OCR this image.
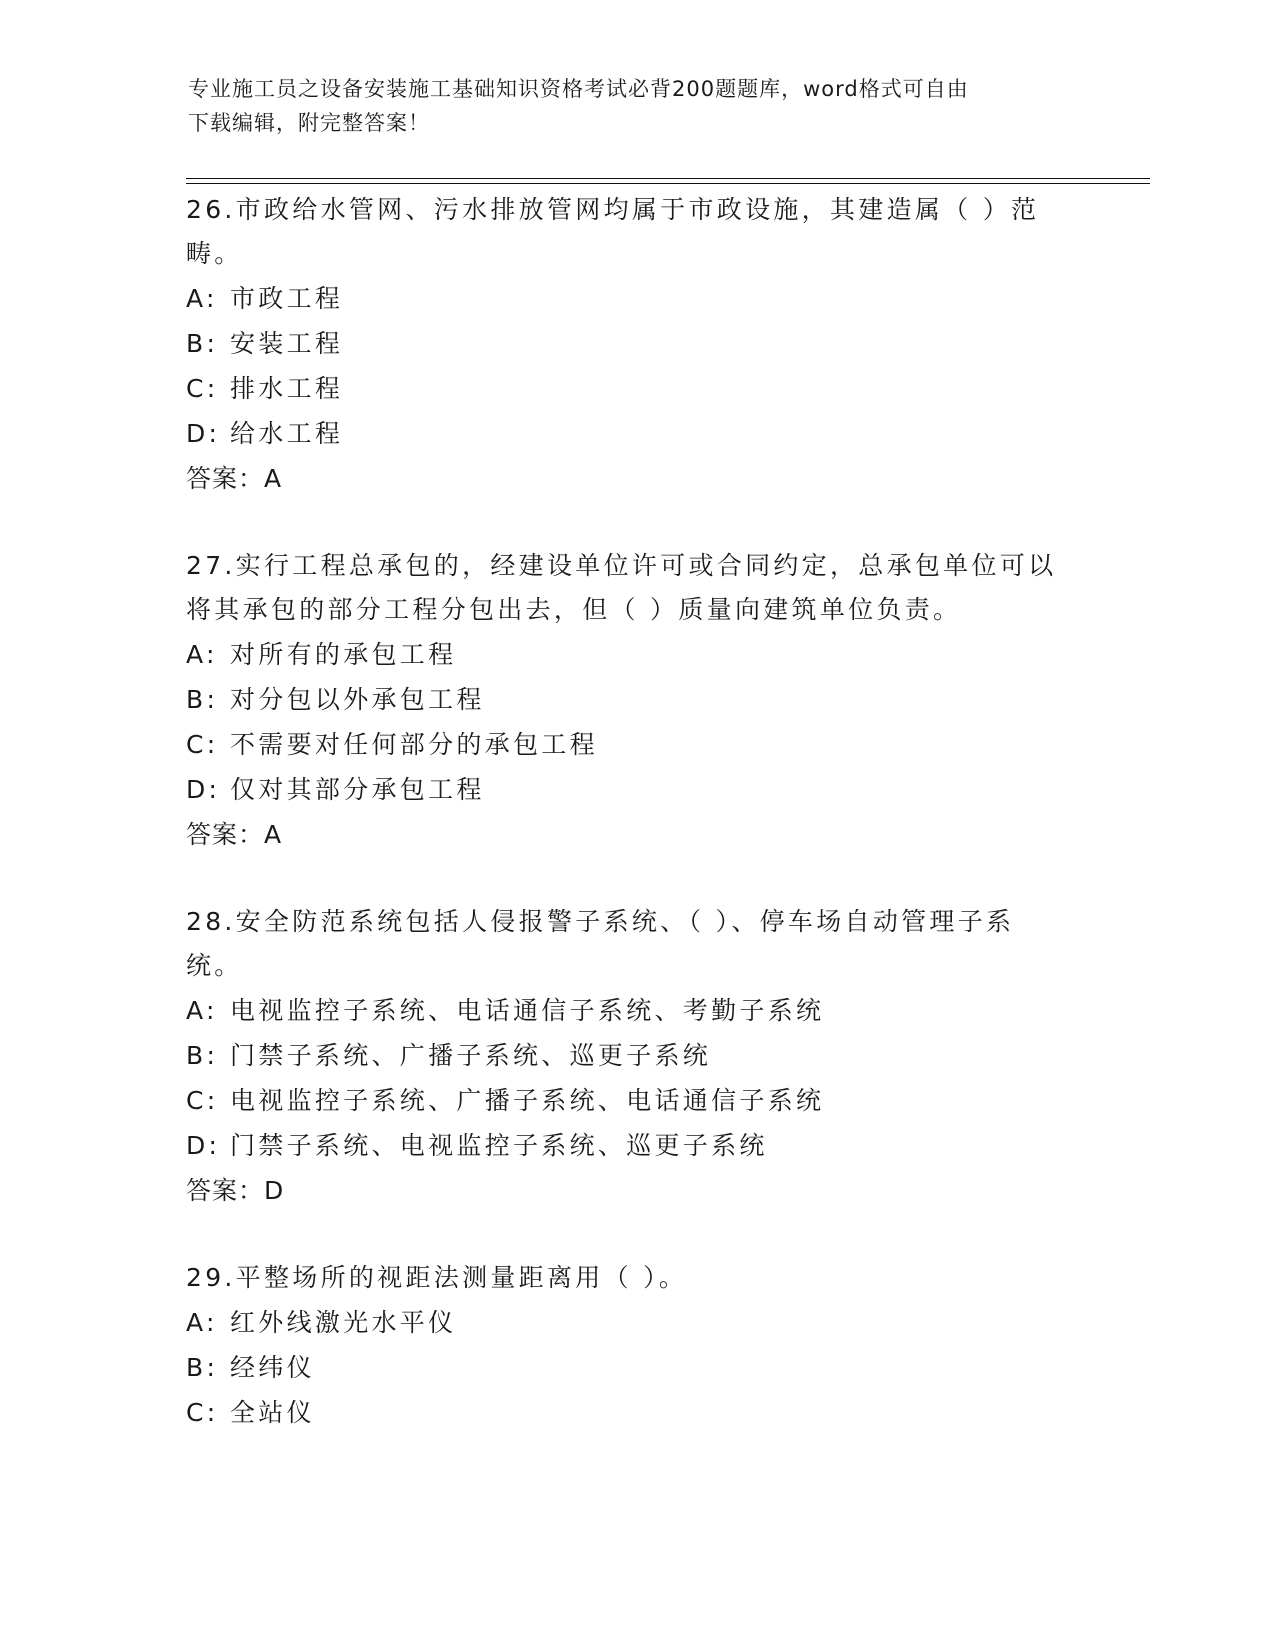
专业施工员之设备安装施工基础知识资格考试必背200题题库，word格式可自由
下载编辑，附完整答案！

26.市政给水管网、污水排放管网均属于市政设施，其建造属（ ）范畴。

A: 市政工程

B: 安装工程

C: 排水工程

D: 给水工程

答案：A

27.实行工程总承包的，经建设单位许可或合同约定，总承包单位可以将其承包的部分工程分包出去，但（ ）质量向建筑单位负责。

A: 对所有的承包工程

B: 对分包以外承包工程

C: 不需要对任何部分的承包工程

D: 仅对其部分承包工程

答案：A

28.安全防范系统包括人侵报警子系统、（ ）、停车场自动管理子系统。

A: 电视监控子系统、电话通信子系统、考勤子系统

B: 门禁子系统、广播子系统、巡更子系统

C: 电视监控子系统、广播子系统、电话通信子系统

D: 门禁子系统、电视监控子系统、巡更子系统

答案：D

29.平整场所的视距法测量距离用（ ）。

A: 红外线激光水平仪

B: 经纬仪

C: 全站仪
